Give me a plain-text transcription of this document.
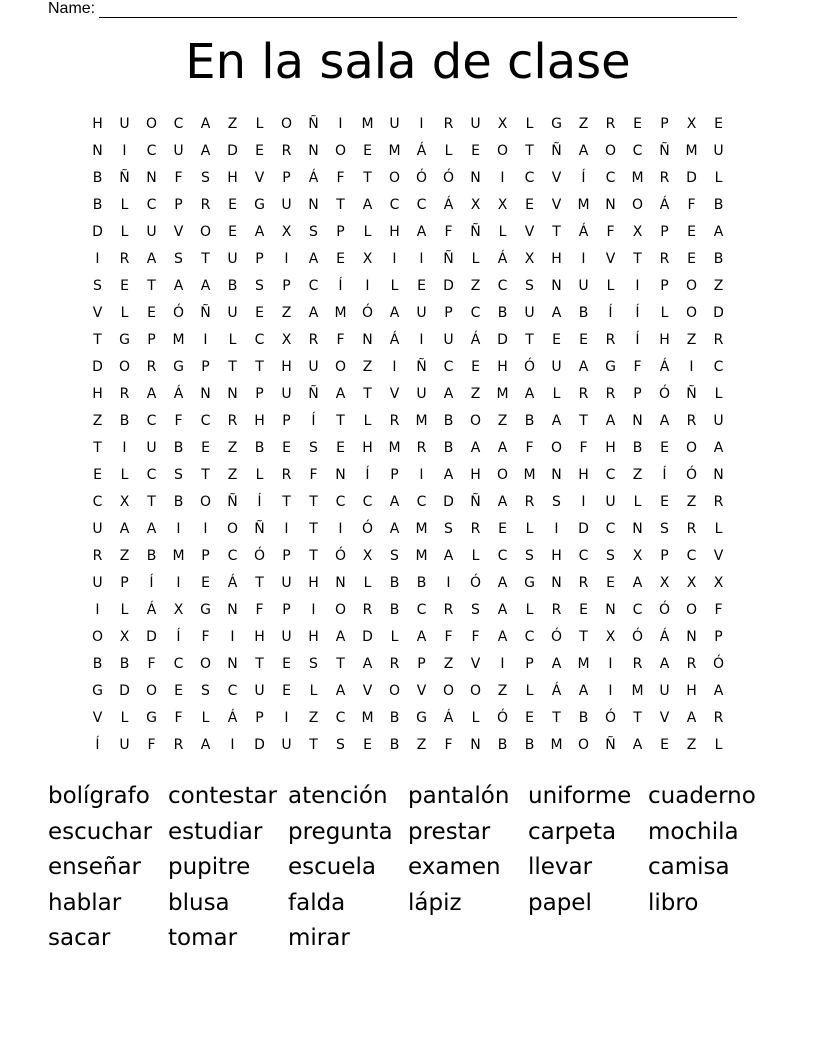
Name:
En la sala de clase
H	U	O	C	A	Z	L	O	Ñ	I	M	U	I	R	U	X	L	G	Z	R	E	P	X	E
N	I	C	U	A	D	E	R	N	O	E	M	Á	L	E	O	T	Ñ	A	O	C	Ñ	M	U
B	Ñ	N	F	S	H	V	P	Á	F	T	O	Ó	Ó	N	I	C	V	Í	C	M	R	D	L
B	L	C	P	R	E	G	U	N	T	A	C	C	Á	X	X	E	V	M	N	O	Á	F	B
D	L	U	V	O	E	A	X	S	P	L	H	A	F	Ñ	L	V	T	Á	F	X	P	E	A
I	R	A	S	T	U	P	I	A	E	X	I	I	Ñ	L	Á	X	H	I	V	T	R	E	B
S	E	T	A	A	B	S	P	C	Í	I	L	E	D	Z	C	S	N	U	L	I	P	O	Z
V	L	E	Ó	Ñ	U	E	Z	A	M	Ó	A	U	P	C	B	U	A	B	Í	Í	L	O	D
T	G	P	M	I	L	C	X	R	F	N	Á	I	U	Á	D	T	E	E	R	Í	H	Z	R
D	O	R	G	P	T	T	H	U	O	Z	I	Ñ	C	E	H	Ó	U	A	G	F	Á	I	C
H	R	A	Á	N	N	P	U	Ñ	A	T	V	U	A	Z	M	A	L	R	R	P	Ó	Ñ	L
Z	B	C	F	C	R	H	P	Í	T	L	R	M	B	O	Z	B	A	T	A	N	A	R	U
T	I	U	B	E	Z	B	E	S	E	H	M	R	B	A	A	F	O	F	H	B	E	O	A
E	L	C	S	T	Z	L	R	F	N	Í	P	I	A	H	O	M	N	H	C	Z	Í	Ó	N
C	X	T	B	O	Ñ	Í	T	T	C	C	A	C	D	Ñ	A	R	S	I	U	L	E	Z	R
U	A	A	I	I	O	Ñ	I	T	I	Ó	A	M	S	R	E	L	I	D	C	N	S	R	L
R	Z	B	M	P	C	Ó	P	T	Ó	X	S	M	A	L	C	S	H	C	S	X	P	C	V
U	P	Í	I	E	Á	T	U	H	N	L	B	B	I	Ó	A	G	N	R	E	A	X	X	X
I	L	Á	X	G	N	F	P	I	O	R	B	C	R	S	A	L	R	E	N	C	Ó	O	F
O	X	D	Í	F	I	H	U	H	A	D	L	A	F	F	A	C	Ó	T	X	Ó	Á	N	P
B	B	F	C	O	N	T	E	S	T	A	R	P	Z	V	I	P	A	M	I	R	A	R	Ó
G	D	O	E	S	C	U	E	L	A	V	O	V	O	O	Z	L	Á	A	I	M	U	H	A
V	L	G	F	L	Á	P	I	Z	C	M	B	G	Á	L	Ó	E	T	B	Ó	T	V	A	R
Í	U	F	R	A	I	D	U	T	S	E	B	Z	F	N	B	B	M	O	Ñ	A	E	Z	L
bolígrafo contestar atención pantalón uniforme cuaderno
escuchar estudiar	pregunta prestar	carpeta	mochila
enseñar	pupitre	escuela	examen	llevar	camisa
hablar	blusa	falda	lápiz	papel	libro
sacar	tomar	mirar
